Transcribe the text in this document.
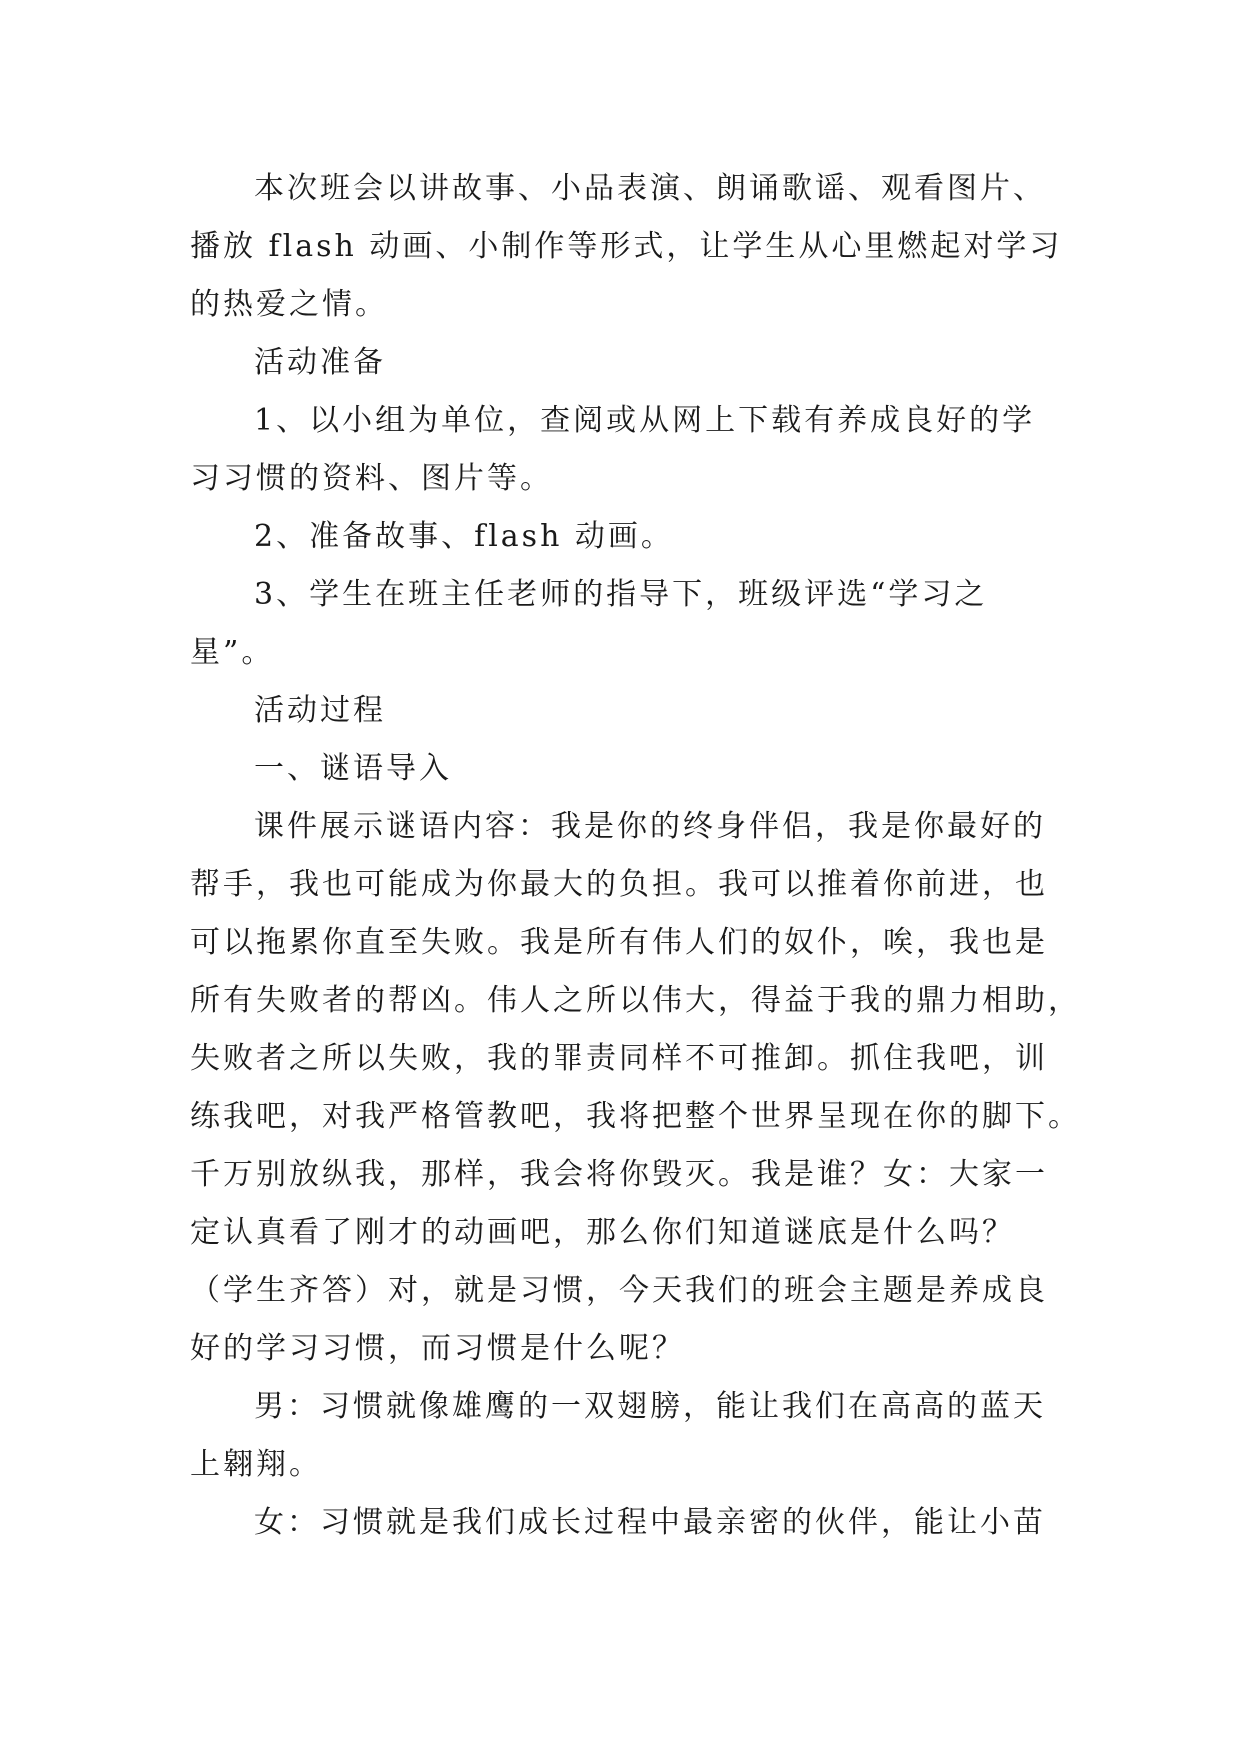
本次班会以讲故事、小品表演、朗诵歌谣、观看图片、
播放 flash 动画、小制作等形式，让学生从心里燃起对学习
的热爱之情。
活动准备
1、以小组为单位，查阅或从网上下载有养成良好的学
习习惯的资料、图片等。
2、准备故事、flash 动画。
3、学生在班主任老师的指导下，班级评选“学习之
星”。
活动过程
一、谜语导入
课件展示谜语内容：我是你的终身伴侣，我是你最好的
帮手，我也可能成为你最大的负担。我可以推着你前进，也
可以拖累你直至失败。我是所有伟人们的奴仆，唉，我也是
所有失败者的帮凶。伟人之所以伟大，得益于我的鼎力相助，
失败者之所以失败，我的罪责同样不可推卸。抓住我吧，训
练我吧，对我严格管教吧，我将把整个世界呈现在你的脚下。
千万别放纵我，那样，我会将你毁灭。我是谁？女：大家一
定认真看了刚才的动画吧，那么你们知道谜底是什么吗？
（学生齐答）对，就是习惯，今天我们的班会主题是养成良
好的学习习惯，而习惯是什么呢？
男：习惯就像雄鹰的一双翅膀，能让我们在高高的蓝天
上翱翔。
女：习惯就是我们成长过程中最亲密的伙伴，能让小苗
